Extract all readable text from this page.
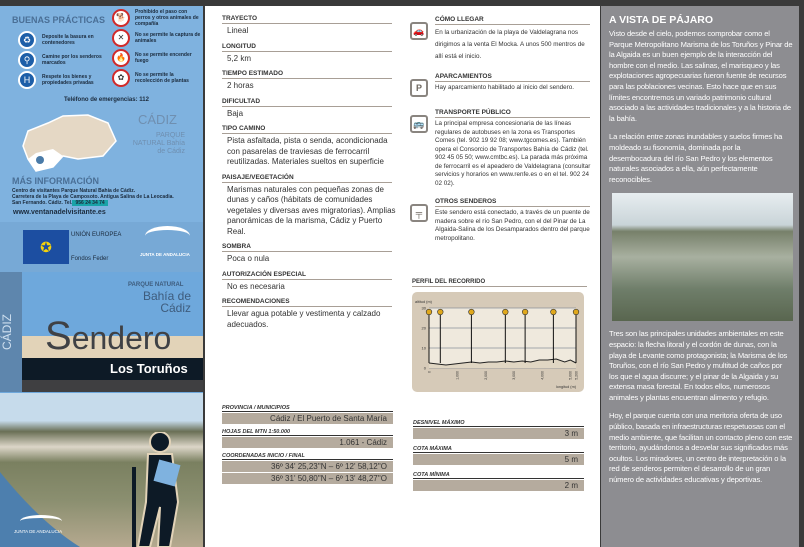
BUENAS PRÁCTICAS
♻	Deposite la basura en contenedores
⚲	Camine por los senderos marcados
H	Respete los bienes y propiedades privadas
🐕
Prohibido el paso con perros y otros animales de compañía
✕	No se permite la captura de animales
🔥	No se permite encender fuego
✿	No se permite la recolección de plantas
Teléfono de emergencias: 112
CÁDIZ
PARQUE NATURAL Bahía de Cádiz
MÁS INFORMACIÓN
Centro de visitantes Parque Natural Bahía de Cádiz.
Carretera de la Playa de Camposoto. Antigua Salina de La Leocadia.
San Fernando. Cádiz. Tel. 956 24 34 74
www.ventanadelvisitante.es
✪
UNIÓN EUROPEA
Fondos Feder
JUNTA DE ANDALUCIA
CÁDIZ
PARQUE NATURAL
Bahía de
Cádiz
Sendero
Los Toruños
JUNTA DE ANDALUCIA
TRAYECTO
Lineal
LONGITUD
5,2 km
TIEMPO ESTIMADO
2 horas
DIFICULTAD
Baja
TIPO CAMINO
Pista asfaltada, pista o senda, acondicionada con pasarelas de traviesas de ferrocarril reutilizadas. Materiales sueltos en superficie
PAISAJE/VEGETACIÓN
Marismas naturales con pequeñas zonas de dunas y caños (hábitats de comunidades vegetales y diversas aves migratorias). Amplias panorámicas de la marisma, Cádiz y Puerto Real.
SOMBRA
Poca o nula
AUTORIZACIÓN ESPECIAL
No es necesaria
RECOMENDACIONES
Llevar agua potable y vestimenta y calzado adecuados.
🚗
CÓMO LLEGAR
En la urbanización de la playa de Valdelagrana nos dirigimos a la venta El Mocka. A unos 500 mentros de allí está el inicio.
P
APARCAMIENTOS
Hay aparcamiento habilitado al inicio del sendero.
🚌
TRANSPORTE PÚBLICO
La principal empresa concesionaria de las líneas regulares de autobuses en la zona es Transportes Comes (tel. 902 19 92 08; www.tgcomes.es). También opera el Consorcio de Transportes Bahía de Cádiz (tel. 902 45 05 50; www.cmtbc.es). La parada más próxima de ferrocarril es el apeadero de Valdelagrana (consultar servicios y horarios en www.renfe.es o en el tel. 902 24 02 02).
╤
OTROS SENDEROS
Este sendero está conectado, a través de un puente de madera sobre el río San Pedro, con el del Pinar de La Algaida-Salina de los Desamparados dentro del parque metropolitano.
PERFIL DEL RECORRIDO
0
10
20
30
0	1,000	2,000	3,000	4,000	5,000 5,200
altitud (m)
longitud (m)
PROVINCIA / MUNICIPIOS
Cádiz / El Puerto de Santa María
HOJAS DEL MTN 1:50.000
1.061 - Cádiz
COORDENADAS INICIO / FINAL
36º 34' 25,23''N – 6º 12' 58,12''O
36º 31' 50,80''N – 6º 13' 48,27''O
DESNIVEL MÁXIMO
3 m
COTA MÁXIMA
5 m
COTA MÍNIMA
2 m
A VISTA DE PÁJARO

Visto desde el cielo, podemos comprobar como el Parque Metropolitano Marisma de los Toruños y Pinar de la Algaida es un buen ejemplo de la interacción del hombre con el medio. Las salinas, el marisqueo y las explotaciones agropecuarias fueron fuente de recursos para las poblaciones vecinas. Esto hace que en sus límites encontremos un variado patrimonio cultural asociado a las actividades tradicionales y a la historia de la bahía.

La relación entre zonas inundables y suelos firmes ha moldeado su fisonomía, dominada por la desembocadura del río San Pedro y los elementos naturales asociados a ella, aún perfectamente reconocibles.

Tres son las principales unidades ambientales en este espacio: la flecha litoral y el cordón de dunas, con la playa de Levante como protagonista; la Marisma de los Toruños, con el río San Pedro y multitud de caños por los que el agua discurre; y el pinar de la Algaida y su extensa masa forestal. En todos ellos, numerosos animales y plantas encuentran alimento y refugio.

Hoy, el parque cuenta con una meritoria oferta de uso público, basada en infraestructuras respetuosas con el medio ambiente, que facilitan un contacto pleno con este territorio, ayudándonos a desvelar sus significados más ocultos. Los miradores, un centro de interpretación o la red de senderos permiten el desarrollo de un gran número de actividades educativas y deportivas.
